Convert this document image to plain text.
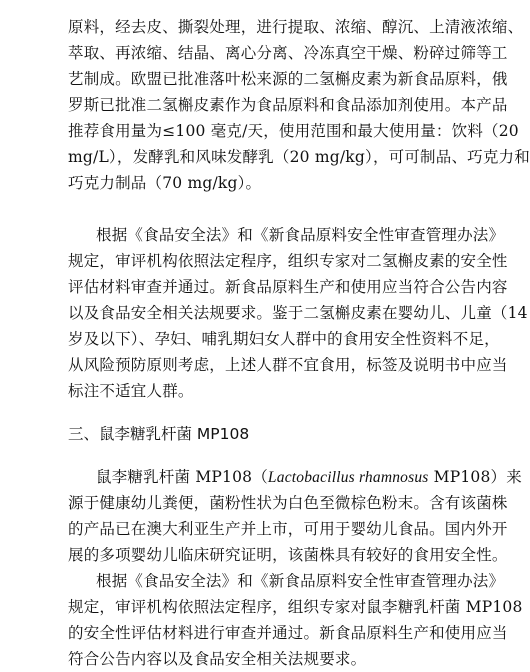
原料，经去皮、撕裂处理，进行提取、浓缩、醇沉、上清液浓缩、
萃取、再浓缩、结晶、离心分离、冷冻真空干燥、粉碎过筛等工
艺制成。欧盟已批准落叶松来源的二氢槲皮素为新食品原料，俄
罗斯已批准二氢槲皮素作为食品原料和食品添加剂使用。本产品
推荐食用量为≤100 毫克/天，使用范围和最大使用量：饮料（20
mg/L），发酵乳和风味发酵乳（20 mg/kg），可可制品、巧克力和
巧克力制品（70 mg/kg）。
根据《食品安全法》和《新食品原料安全性审查管理办法》
规定，审评机构依照法定程序，组织专家对二氢槲皮素的安全性
评估材料审查并通过。新食品原料生产和使用应当符合公告内容
以及食品安全相关法规要求。鉴于二氢槲皮素在婴幼儿、儿童（14
岁及以下）、孕妇、哺乳期妇女人群中的食用安全性资料不足，
从风险预防原则考虑，上述人群不宜食用，标签及说明书中应当
标注不适宜人群。
三、鼠李糖乳杆菌 MP108
鼠李糖乳杆菌 MP108（Lactobacillus rhamnosus MP108）来
源于健康幼儿粪便，菌粉性状为白色至微棕色粉末。含有该菌株
的产品已在澳大利亚生产并上市，可用于婴幼儿食品。国内外开
展的多项婴幼儿临床研究证明，该菌株具有较好的食用安全性。
根据《食品安全法》和《新食品原料安全性审查管理办法》
规定，审评机构依照法定程序，组织专家对鼠李糖乳杆菌 MP108
的安全性评估材料进行审查并通过。新食品原料生产和使用应当
符合公告内容以及食品安全相关法规要求。
